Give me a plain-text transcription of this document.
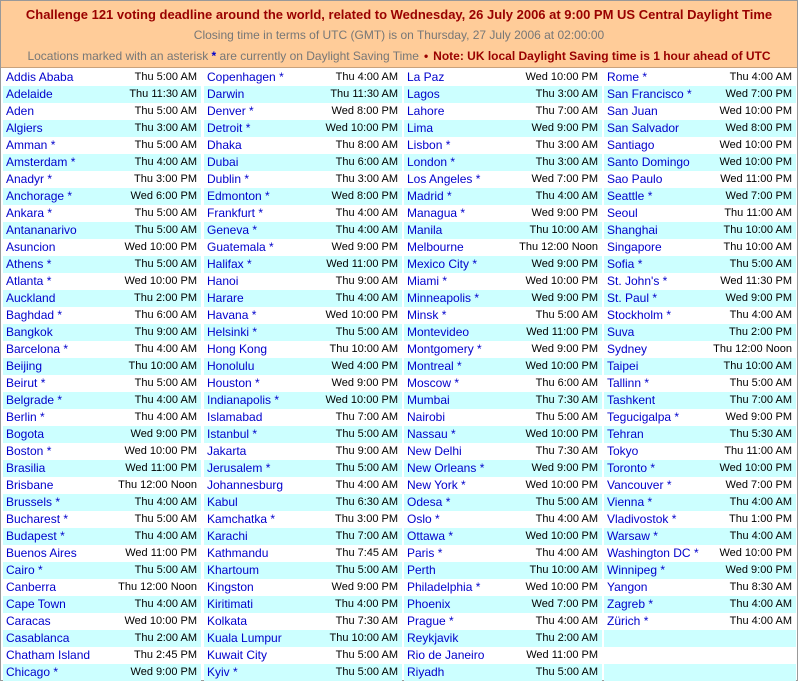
Challenge 121 voting deadline around the world, related to Wednesday, 26 July 2006 at 9:00 PM US Central Daylight Time
Closing time in terms of UTC (GMT) is on Thursday, 27 July 2006 at 02:00:00
Locations marked with an asterisk * are currently on Daylight Saving Time • Note: UK local Daylight Saving time is 1 hour ahead of UTC
Addis Ababa	Thu 5:00 AM
Adelaide	Thu 11:30 AM
Aden	Thu 5:00 AM
Algiers	Thu 3:00 AM
Amman *	Thu 5:00 AM
Amsterdam *	Thu 4:00 AM
Anadyr *	Thu 3:00 PM
Anchorage *	Wed 6:00 PM
Ankara *	Thu 5:00 AM
Antananarivo	Thu 5:00 AM
Asuncion	Wed 10:00 PM
Athens *	Thu 5:00 AM
Atlanta *	Wed 10:00 PM
Auckland	Thu 2:00 PM
Baghdad *	Thu 6:00 AM
Bangkok	Thu 9:00 AM
Barcelona *	Thu 4:00 AM
Beijing	Thu 10:00 AM
Beirut *	Thu 5:00 AM
Belgrade *	Thu 4:00 AM
Berlin *	Thu 4:00 AM
Bogota	Wed 9:00 PM
Boston *	Wed 10:00 PM
Brasilia	Wed 11:00 PM
Brisbane	Thu 12:00 Noon
Brussels *	Thu 4:00 AM
Bucharest *	Thu 5:00 AM
Budapest *	Thu 4:00 AM
Buenos Aires	Wed 11:00 PM
Cairo *	Thu 5:00 AM
Canberra	Thu 12:00 Noon
Cape Town	Thu 4:00 AM
Caracas	Wed 10:00 PM
Casablanca	Thu 2:00 AM
Chatham Island	Thu 2:45 PM
Chicago *	Wed 9:00 PM
Copenhagen *	Thu 4:00 AM
Darwin	Thu 11:30 AM
Denver *	Wed 8:00 PM
Detroit *	Wed 10:00 PM
Dhaka	Thu 8:00 AM
Dubai	Thu 6:00 AM
Dublin *	Thu 3:00 AM
Edmonton *	Wed 8:00 PM
Frankfurt *	Thu 4:00 AM
Geneva *	Thu 4:00 AM
Guatemala *	Wed 9:00 PM
Halifax *	Wed 11:00 PM
Hanoi	Thu 9:00 AM
Harare	Thu 4:00 AM
Havana *	Wed 10:00 PM
Helsinki *	Thu 5:00 AM
Hong Kong	Thu 10:00 AM
Honolulu	Wed 4:00 PM
Houston *	Wed 9:00 PM
Indianapolis *	Wed 10:00 PM
Islamabad	Thu 7:00 AM
Istanbul *	Thu 5:00 AM
Jakarta	Thu 9:00 AM
Jerusalem *	Thu 5:00 AM
Johannesburg	Thu 4:00 AM
Kabul	Thu 6:30 AM
Kamchatka *	Thu 3:00 PM
Karachi	Thu 7:00 AM
Kathmandu	Thu 7:45 AM
Khartoum	Thu 5:00 AM
Kingston	Wed 9:00 PM
Kiritimati	Thu 4:00 PM
Kolkata	Thu 7:30 AM
Kuala Lumpur	Thu 10:00 AM
Kuwait City	Thu 5:00 AM
Kyiv *	Thu 5:00 AM
La Paz	Wed 10:00 PM
Lagos	Thu 3:00 AM
Lahore	Thu 7:00 AM
Lima	Wed 9:00 PM
Lisbon *	Thu 3:00 AM
London *	Thu 3:00 AM
Los Angeles *	Wed 7:00 PM
Madrid *	Thu 4:00 AM
Managua *	Wed 9:00 PM
Manila	Thu 10:00 AM
Melbourne	Thu 12:00 Noon
Mexico City *	Wed 9:00 PM
Miami *	Wed 10:00 PM
Minneapolis *	Wed 9:00 PM
Minsk *	Thu 5:00 AM
Montevideo	Wed 11:00 PM
Montgomery *	Wed 9:00 PM
Montreal *	Wed 10:00 PM
Moscow *	Thu 6:00 AM
Mumbai	Thu 7:30 AM
Nairobi	Thu 5:00 AM
Nassau *	Wed 10:00 PM
New Delhi	Thu 7:30 AM
New Orleans *	Wed 9:00 PM
New York *	Wed 10:00 PM
Odesa *	Thu 5:00 AM
Oslo *	Thu 4:00 AM
Ottawa *	Wed 10:00 PM
Paris *	Thu 4:00 AM
Perth	Thu 10:00 AM
Philadelphia *	Wed 10:00 PM
Phoenix	Wed 7:00 PM
Prague *	Thu 4:00 AM
Reykjavik	Thu 2:00 AM
Rio de Janeiro	Wed 11:00 PM
Riyadh	Thu 5:00 AM
Rome *	Thu 4:00 AM
San Francisco *	Wed 7:00 PM
San Juan	Wed 10:00 PM
San Salvador	Wed 8:00 PM
Santiago	Wed 10:00 PM
Santo Domingo	Wed 10:00 PM
Sao Paulo	Wed 11:00 PM
Seattle *	Wed 7:00 PM
Seoul	Thu 11:00 AM
Shanghai	Thu 10:00 AM
Singapore	Thu 10:00 AM
Sofia *	Thu 5:00 AM
St. John's *	Wed 11:30 PM
St. Paul *	Wed 9:00 PM
Stockholm *	Thu 4:00 AM
Suva	Thu 2:00 PM
Sydney	Thu 12:00 Noon
Taipei	Thu 10:00 AM
Tallinn *	Thu 5:00 AM
Tashkent	Thu 7:00 AM
Tegucigalpa *	Wed 9:00 PM
Tehran	Thu 5:30 AM
Tokyo	Thu 11:00 AM
Toronto *	Wed 10:00 PM
Vancouver *	Wed 7:00 PM
Vienna *	Thu 4:00 AM
Vladivostok *	Thu 1:00 PM
Warsaw *	Thu 4:00 AM
Washington DC * Wed 10:00 PM
Winnipeg *	Wed 9:00 PM
Yangon	Thu 8:30 AM
Zagreb *	Thu 4:00 AM
Zürich *	Thu 4:00 AM
